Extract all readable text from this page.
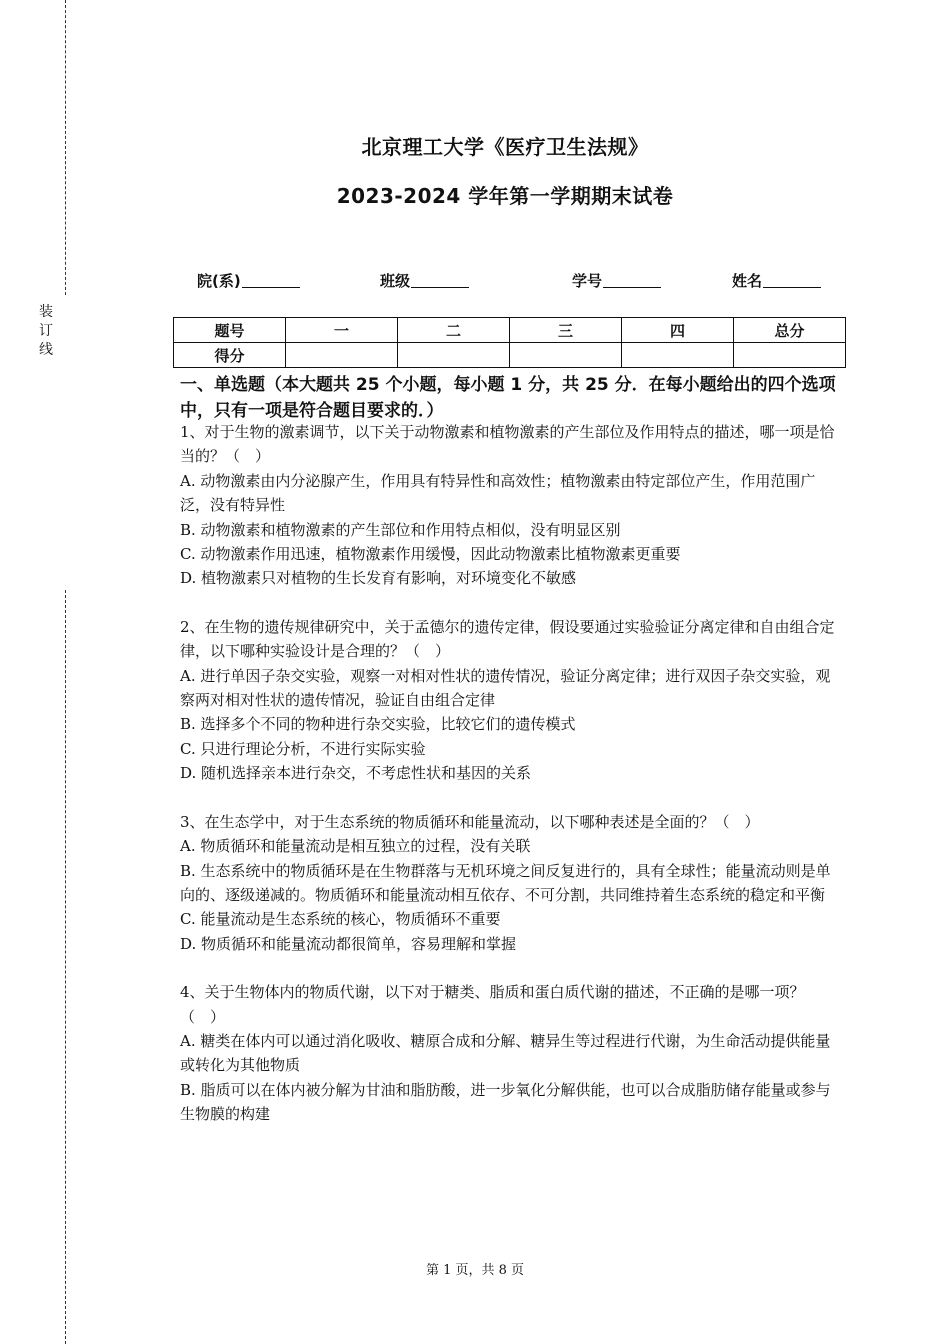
装
订
线
北京理工大学《医疗卫生法规》
2023-2024 学年第一学期期末试卷
院(系)	班级	学号	姓名
题号	一	二	三	四	总分
得分					
一、单选题（本大题共 25 个小题，每小题 1 分，共 25 分．在每小题给出的四个选项中，只有一项是符合题目要求的．）

1、对于生物的激素调节，以下关于动物激素和植物激素的产生部位及作用特点的描述，哪一项是恰当的？（　）

A. 动物激素由内分泌腺产生，作用具有特异性和高效性；植物激素由特定部位产生，作用范围广泛，没有特异性

B. 动物激素和植物激素的产生部位和作用特点相似，没有明显区别

C. 动物激素作用迅速，植物激素作用缓慢，因此动物激素比植物激素更重要

D. 植物激素只对植物的生长发育有影响，对环境变化不敏感

2、在生物的遗传规律研究中，关于孟德尔的遗传定律，假设要通过实验验证分离定律和自由组合定律，以下哪种实验设计是合理的？（　）

A. 进行单因子杂交实验，观察一对相对性状的遗传情况，验证分离定律；进行双因子杂交实验，观察两对相对性状的遗传情况，验证自由组合定律

B. 选择多个不同的物种进行杂交实验，比较它们的遗传模式

C. 只进行理论分析，不进行实际实验

D. 随机选择亲本进行杂交，不考虑性状和基因的关系

3、在生态学中，对于生态系统的物质循环和能量流动，以下哪种表述是全面的？（　）

A. 物质循环和能量流动是相互独立的过程，没有关联

B. 生态系统中的物质循环是在生物群落与无机环境之间反复进行的，具有全球性；能量流动则是单向的、逐级递减的。物质循环和能量流动相互依存、不可分割，共同维持着生态系统的稳定和平衡

C. 能量流动是生态系统的核心，物质循环不重要

D. 物质循环和能量流动都很简单，容易理解和掌握

4、关于生物体内的物质代谢，以下对于糖类、脂质和蛋白质代谢的描述，不正确的是哪一项？（　）

A. 糖类在体内可以通过消化吸收、糖原合成和分解、糖异生等过程进行代谢，为生命活动提供能量或转化为其他物质

B. 脂质可以在体内被分解为甘油和脂肪酸，进一步氧化分解供能，也可以合成脂肪储存能量或参与生物膜的构建

第 1 页，共 8 页
